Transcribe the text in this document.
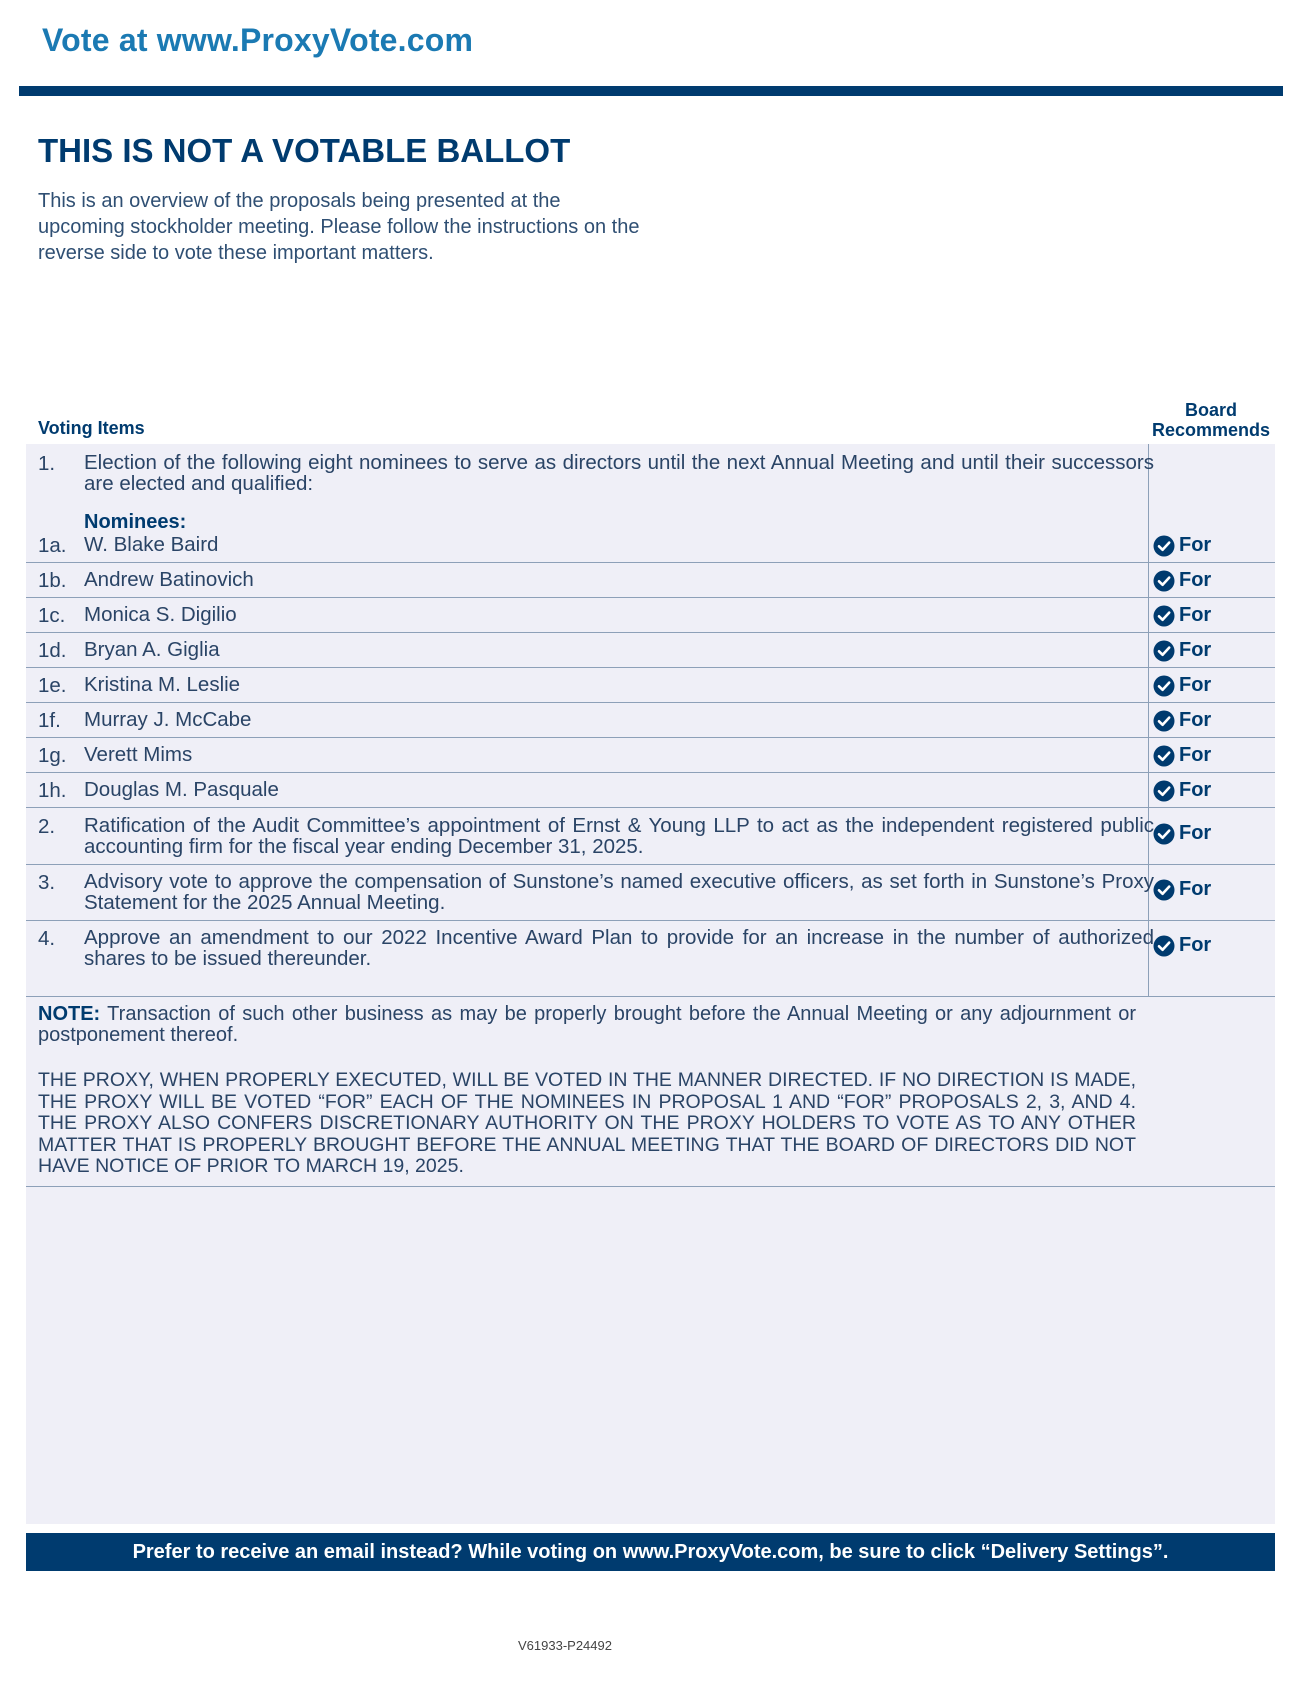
Vote at www.ProxyVote.com
THIS IS NOT A VOTABLE BALLOT
This is an overview of the proposals being presented at the upcoming stockholder meeting. Please follow the instructions on the reverse side to vote these important matters.
Voting Items
Board
Recommends
1. Election of the following eight nominees to serve as directors until the next Annual Meeting and until their successors are elected and qualified:
Nominees:
1a. W. Blake Baird	For
1b. Andrew Batinovich	For
1c. Monica S. Digilio	For
1d. Bryan A. Giglia	For
1e. Kristina M. Leslie	For
1f. Murray J. McCabe	For
1g. Verett Mims	For
1h. Douglas M. Pasquale	For
2. Ratification of the Audit Committee’s appointment of Ernst & Young LLP to act as the independent registered public accounting firm for the fiscal year ending December 31, 2025.
For
3. Advisory vote to approve the compensation of Sunstone’s named executive officers, as set forth in Sunstone’s Proxy Statement for the 2025 Annual Meeting.
For
4. Approve an amendment to our 2022 Incentive Award Plan to provide for an increase in the number of authorized shares to be issued thereunder.
For
NOTE: Transaction of such other business as may be properly brought before the Annual Meeting or any adjournment or postponement thereof.
THE PROXY, WHEN PROPERLY EXECUTED, WILL BE VOTED IN THE MANNER DIRECTED. IF NO DIRECTION IS MADE, THE PROXY WILL BE VOTED “FOR” EACH OF THE NOMINEES IN PROPOSAL 1 AND “FOR” PROPOSALS 2, 3, AND 4. THE PROXY ALSO CONFERS DISCRETIONARY AUTHORITY ON THE PROXY HOLDERS TO VOTE AS TO ANY OTHER MATTER THAT IS PROPERLY BROUGHT BEFORE THE ANNUAL MEETING THAT THE BOARD OF DIRECTORS DID NOT HAVE NOTICE OF PRIOR TO MARCH 19, 2025.
Prefer to receive an email instead? While voting on www.ProxyVote.com, be sure to click “Delivery Settings”.
V61933-P24492
